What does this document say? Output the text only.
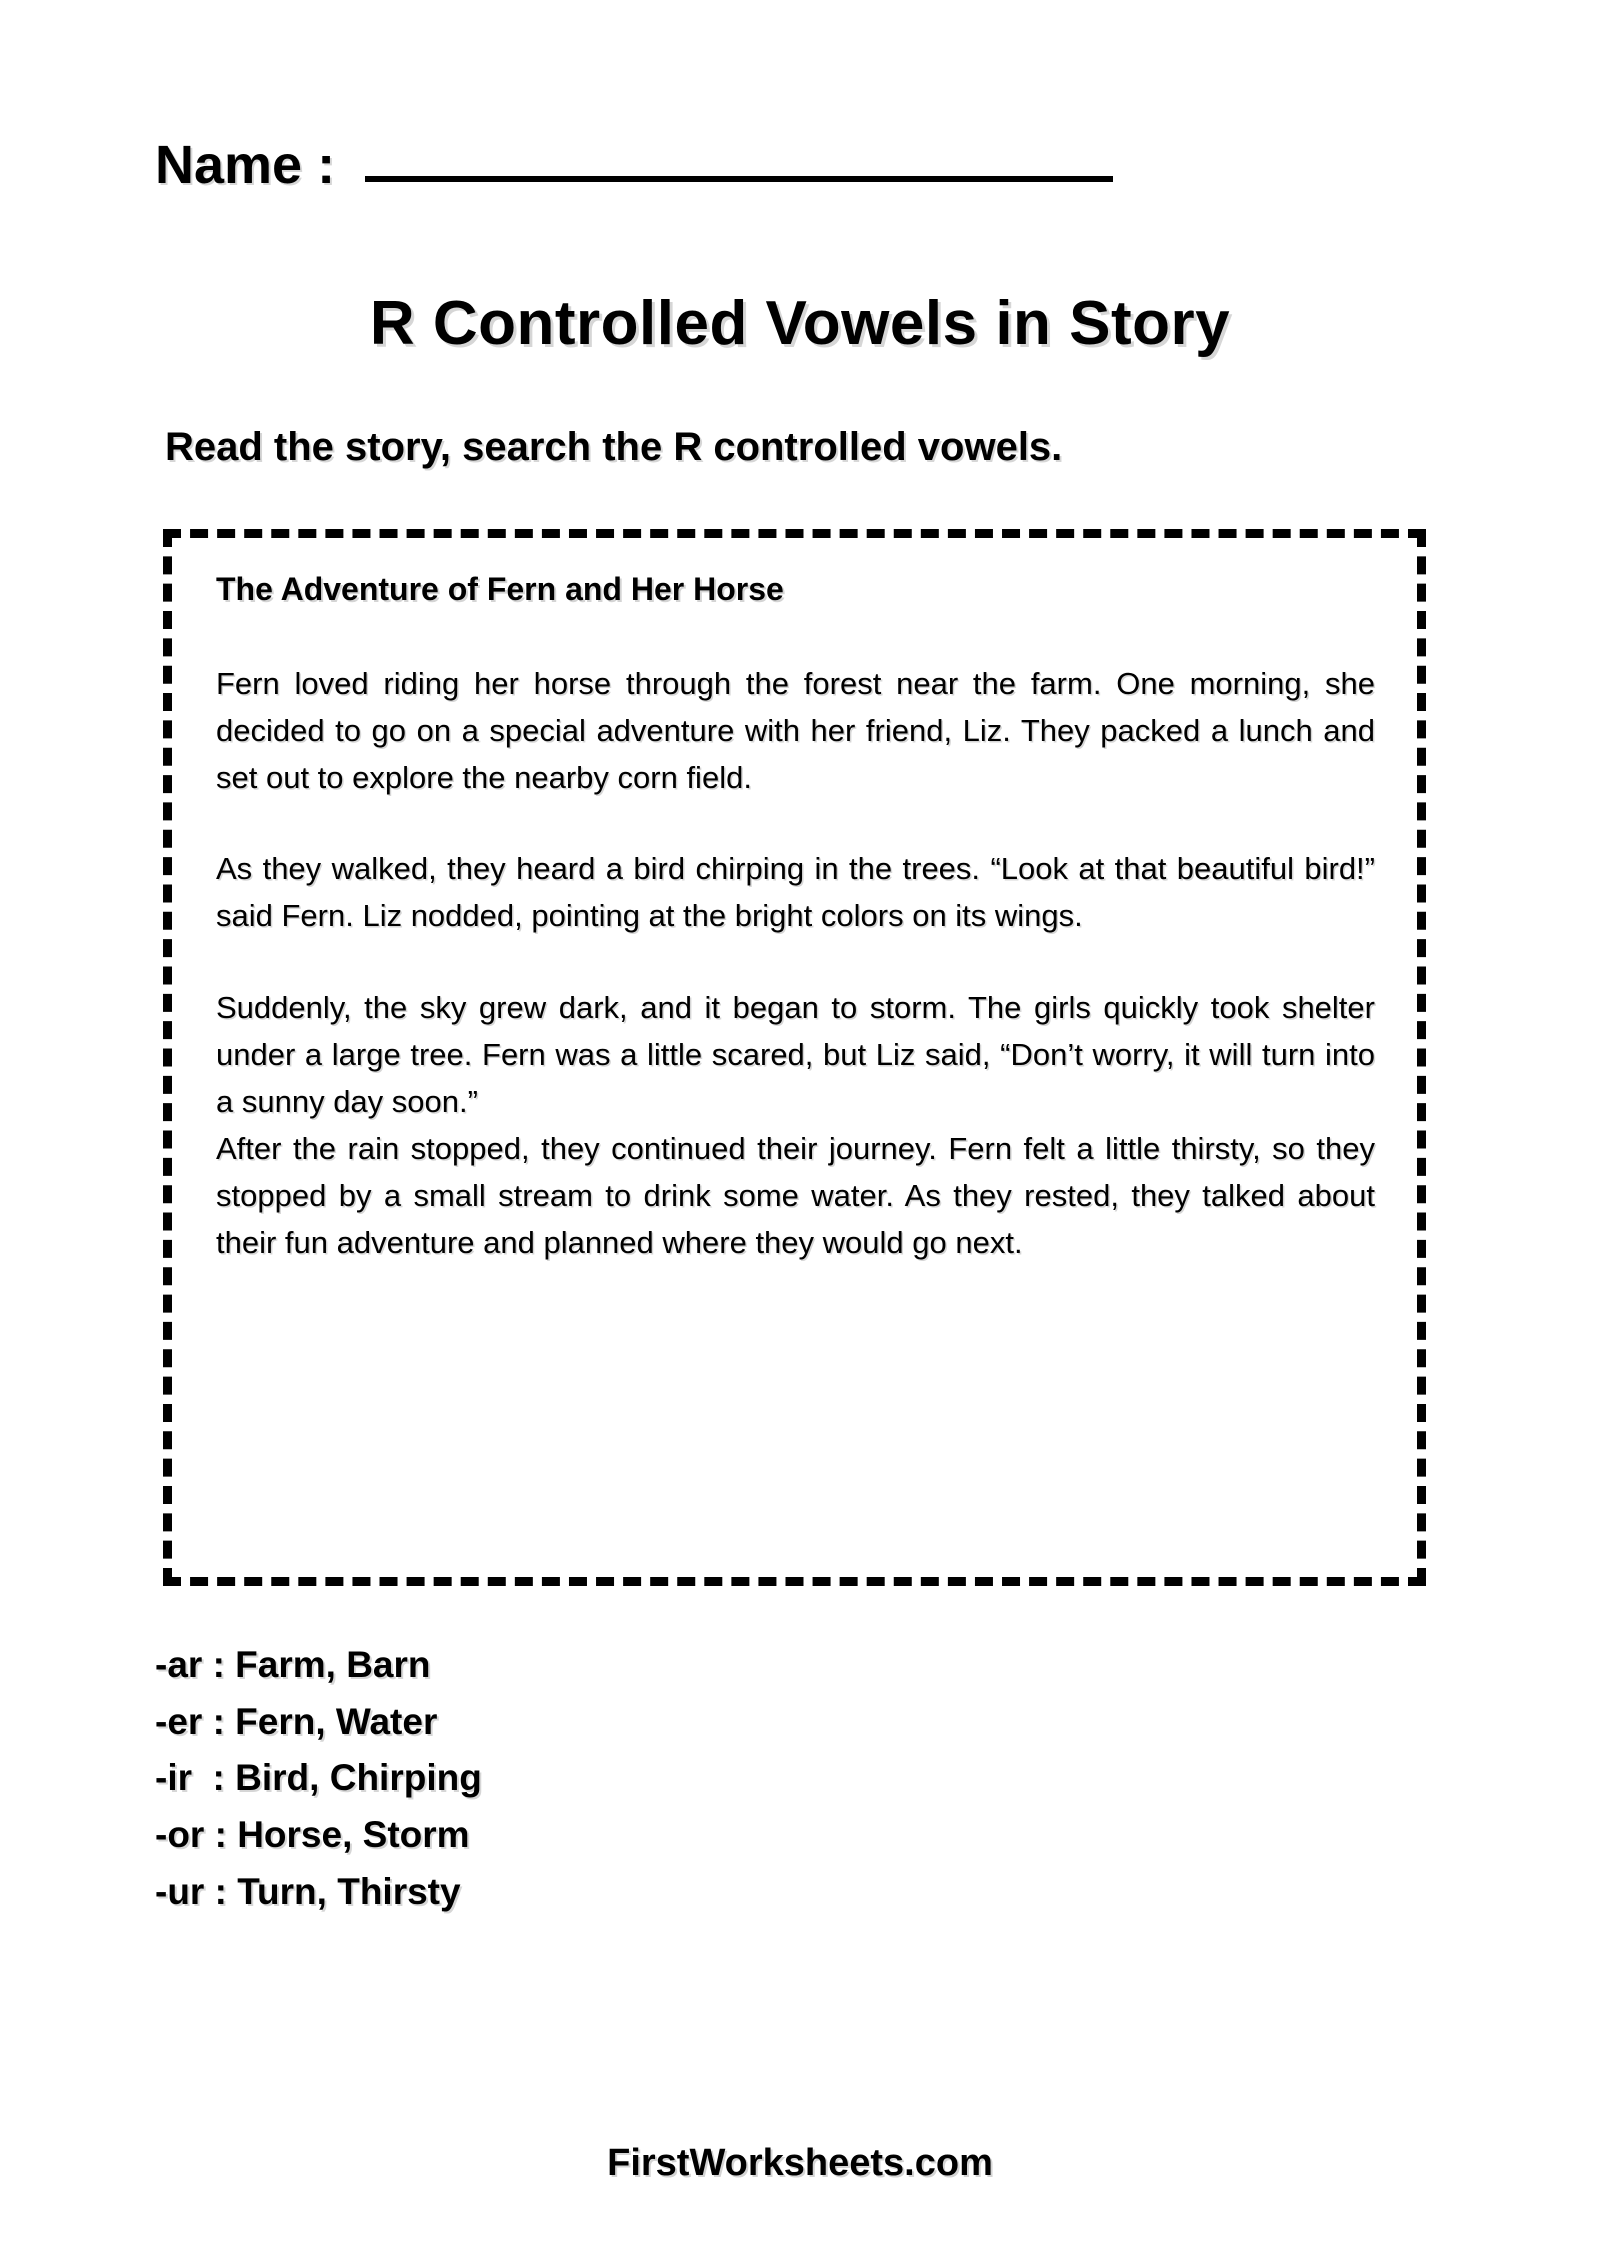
Name :
R Controlled Vowels in Story
Read the story, search the R controlled vowels.
The Adventure of Fern and Her Horse

Fern loved riding her horse through the forest near the farm. One morning, she decided to go on a special adventure with her friend, Liz. They packed a lunch and set out to explore the nearby corn field.

As they walked, they heard a bird chirping in the trees. “Look at that beautiful bird!” said Fern. Liz nodded, pointing at the bright colors on its wings.

Suddenly, the sky grew dark, and it began to storm. The girls quickly took shelter under a large tree. Fern was a little scared, but Liz said, “Don’t worry, it will turn into a sunny day soon.”

After the rain stopped, they continued their journey. Fern felt a little thirsty, so they stopped by a small stream to drink some water. As they rested, they talked about their fun adventure and planned where they would go next.

-ar : Farm, Barn
-er : Fern, Water
-ir  : Bird, Chirping
-or : Horse, Storm
-ur : Turn, Thirsty
FirstWorksheets.com
